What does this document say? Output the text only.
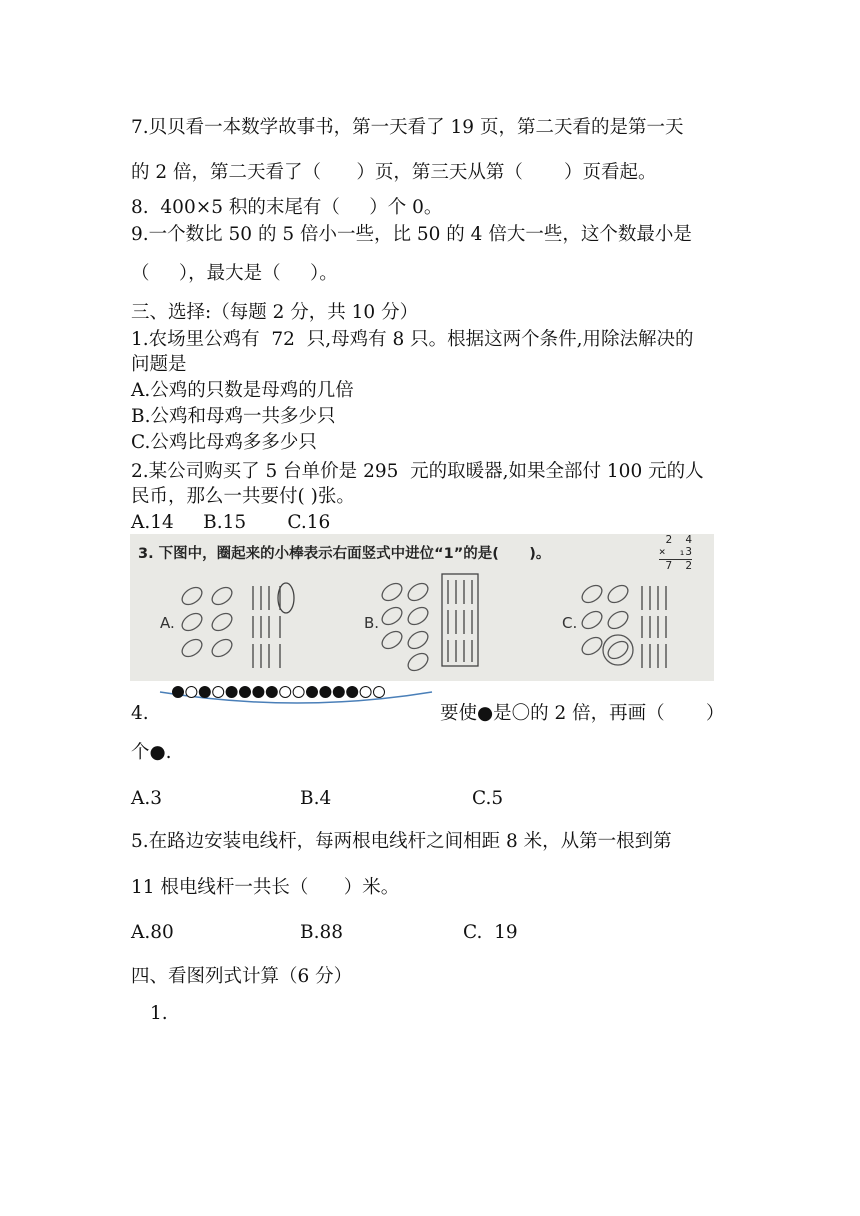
7.贝贝看一本数学故事书，第一天看了 19 页，第二天看的是第一天
的 2 倍，第二天看了（      ）页，第三天从第（       ）页看起。
8.  400×5 积的末尾有（     ）个 0。
9.一个数比 50 的 5 倍小一些，比 50 的 4 倍大一些，这个数最小是
（     ），最大是（     ）。
三、选择:（每题 2 分，共 10 分）
1.农场里公鸡有  72  只,母鸡有 8 只。根据这两个条件,用除法解决的
问题是
A.公鸡的只数是母鸡的几倍
B.公鸡和母鸡一共多少只
C.公鸡比母鸡多多少只
2.某公司购买了 5 台单价是 295  元的取暖器,如果全部付 100 元的人
民币，那么一共要付( )张。
A.14     B.15       C.16
3. 下图中，圈起来的小棒表示右面竖式中进位“1”的是(      )。
2  4
×  ₁3
7  2
A.	B.	C.
4.	要使●是〇的 2 倍，再画（       ）
个●.
A.3	B.4	C.5
5.在路边安装电线杆，每两根电线杆之间相距 8 米，从第一根到第
11 根电线杆一共长（      ）米。
A.80	B.88	C.  19
四、看图列式计算（6 分）
1.
